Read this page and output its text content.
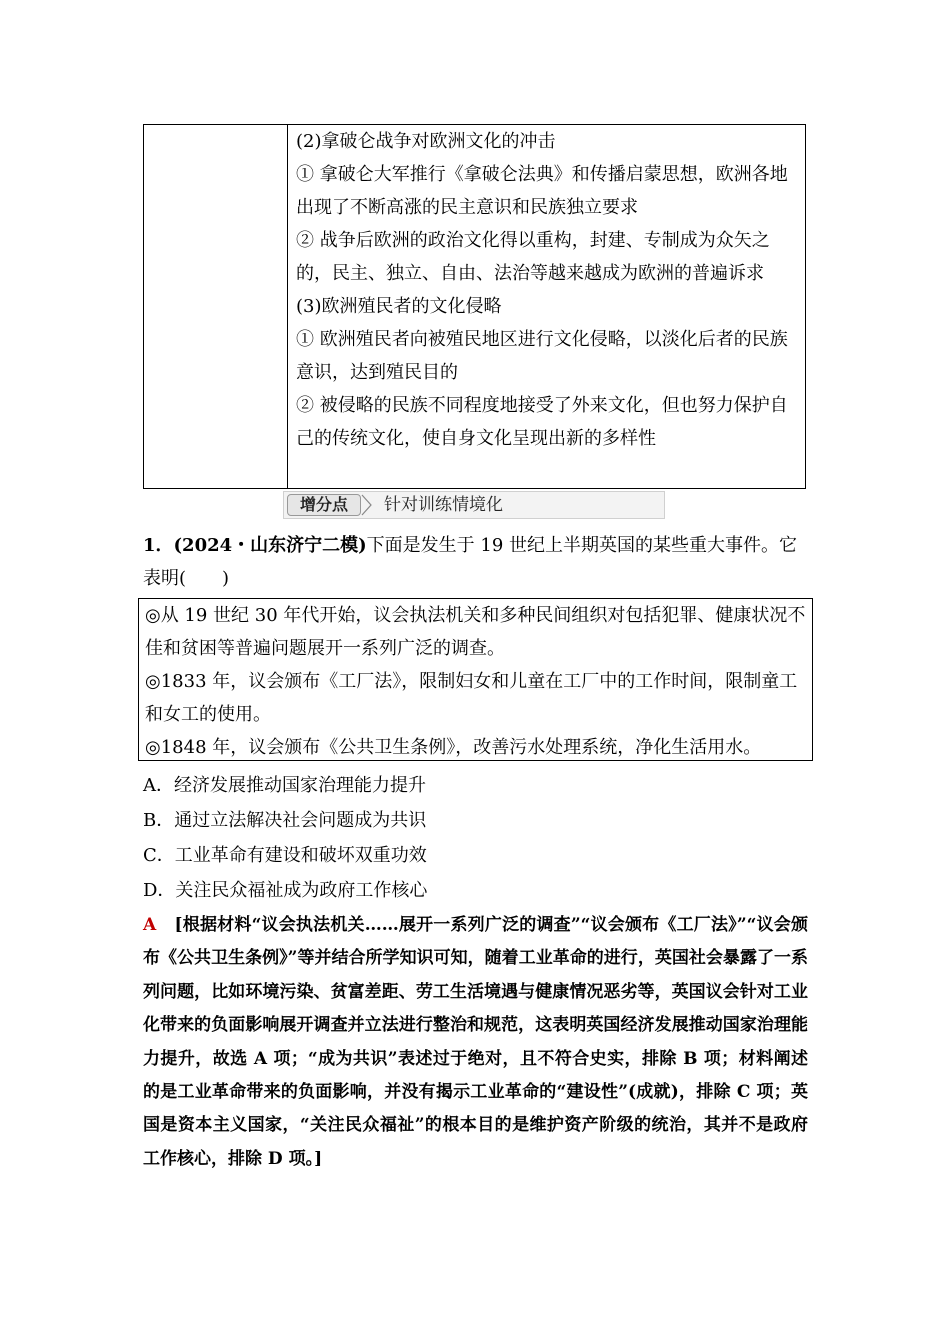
(2)拿破仑战争对欧洲文化的冲击

① 拿破仑大军推行《拿破仑法典》和传播启蒙思想，欧洲各地出现了不断高涨的民主意识和民族独立要求

② 战争后欧洲的政治文化得以重构，封建、专制成为众矢之的，民主、独立、自由、法治等越来越成为欧洲的普遍诉求

(3)欧洲殖民者的文化侵略

① 欧洲殖民者向被殖民地区进行文化侵略，以淡化后者的民族意识，达到殖民目的

② 被侵略的民族不同程度地接受了外来文化，但也努力保护自己的传统文化，使自身文化呈现出新的多样性

增分点	针对训练情境化

1．(2024・山东济宁二模)下面是发生于 19 世纪上半期英国的某些重大事件。它表明(　　)

◎从 19 世纪 30 年代开始，议会执法机关和多种民间组织对包括犯罪、健康状况不佳和贫困等普遍问题展开一系列广泛的调查。

◎1833 年，议会颁布《工厂法》，限制妇女和儿童在工厂中的工作时间，限制童工和女工的使用。

◎1848 年，议会颁布《公共卫生条例》，改善污水处理系统，净化生活用水。

A．经济发展推动国家治理能力提升

B．通过立法解决社会问题成为共识

C．工业革命有建设和破坏双重功效

D．关注民众福祉成为政府工作核心

A [根据材料“议会执法机关……展开一系列广泛的调查”“议会颁布《工厂法》”“议会颁布《公共卫生条例》”等并结合所学知识可知，随着工业革命的进行，英国社会暴露了一系列问题，比如环境污染、贫富差距、劳工生活境遇与健康情况恶劣等，英国议会针对工业化带来的负面影响展开调查并立法进行整治和规范，这表明英国经济发展推动国家治理能力提升，故选 A 项；“成为共识”表述过于绝对，且不符合史实，排除 B 项；材料阐述的是工业革命带来的负面影响，并没有揭示工业革命的“建设性”(成就)，排除 C 项；英国是资本主义国家，“关注民众福祉”的根本目的是维护资产阶级的统治，其并不是政府工作核心，排除 D 项。]
